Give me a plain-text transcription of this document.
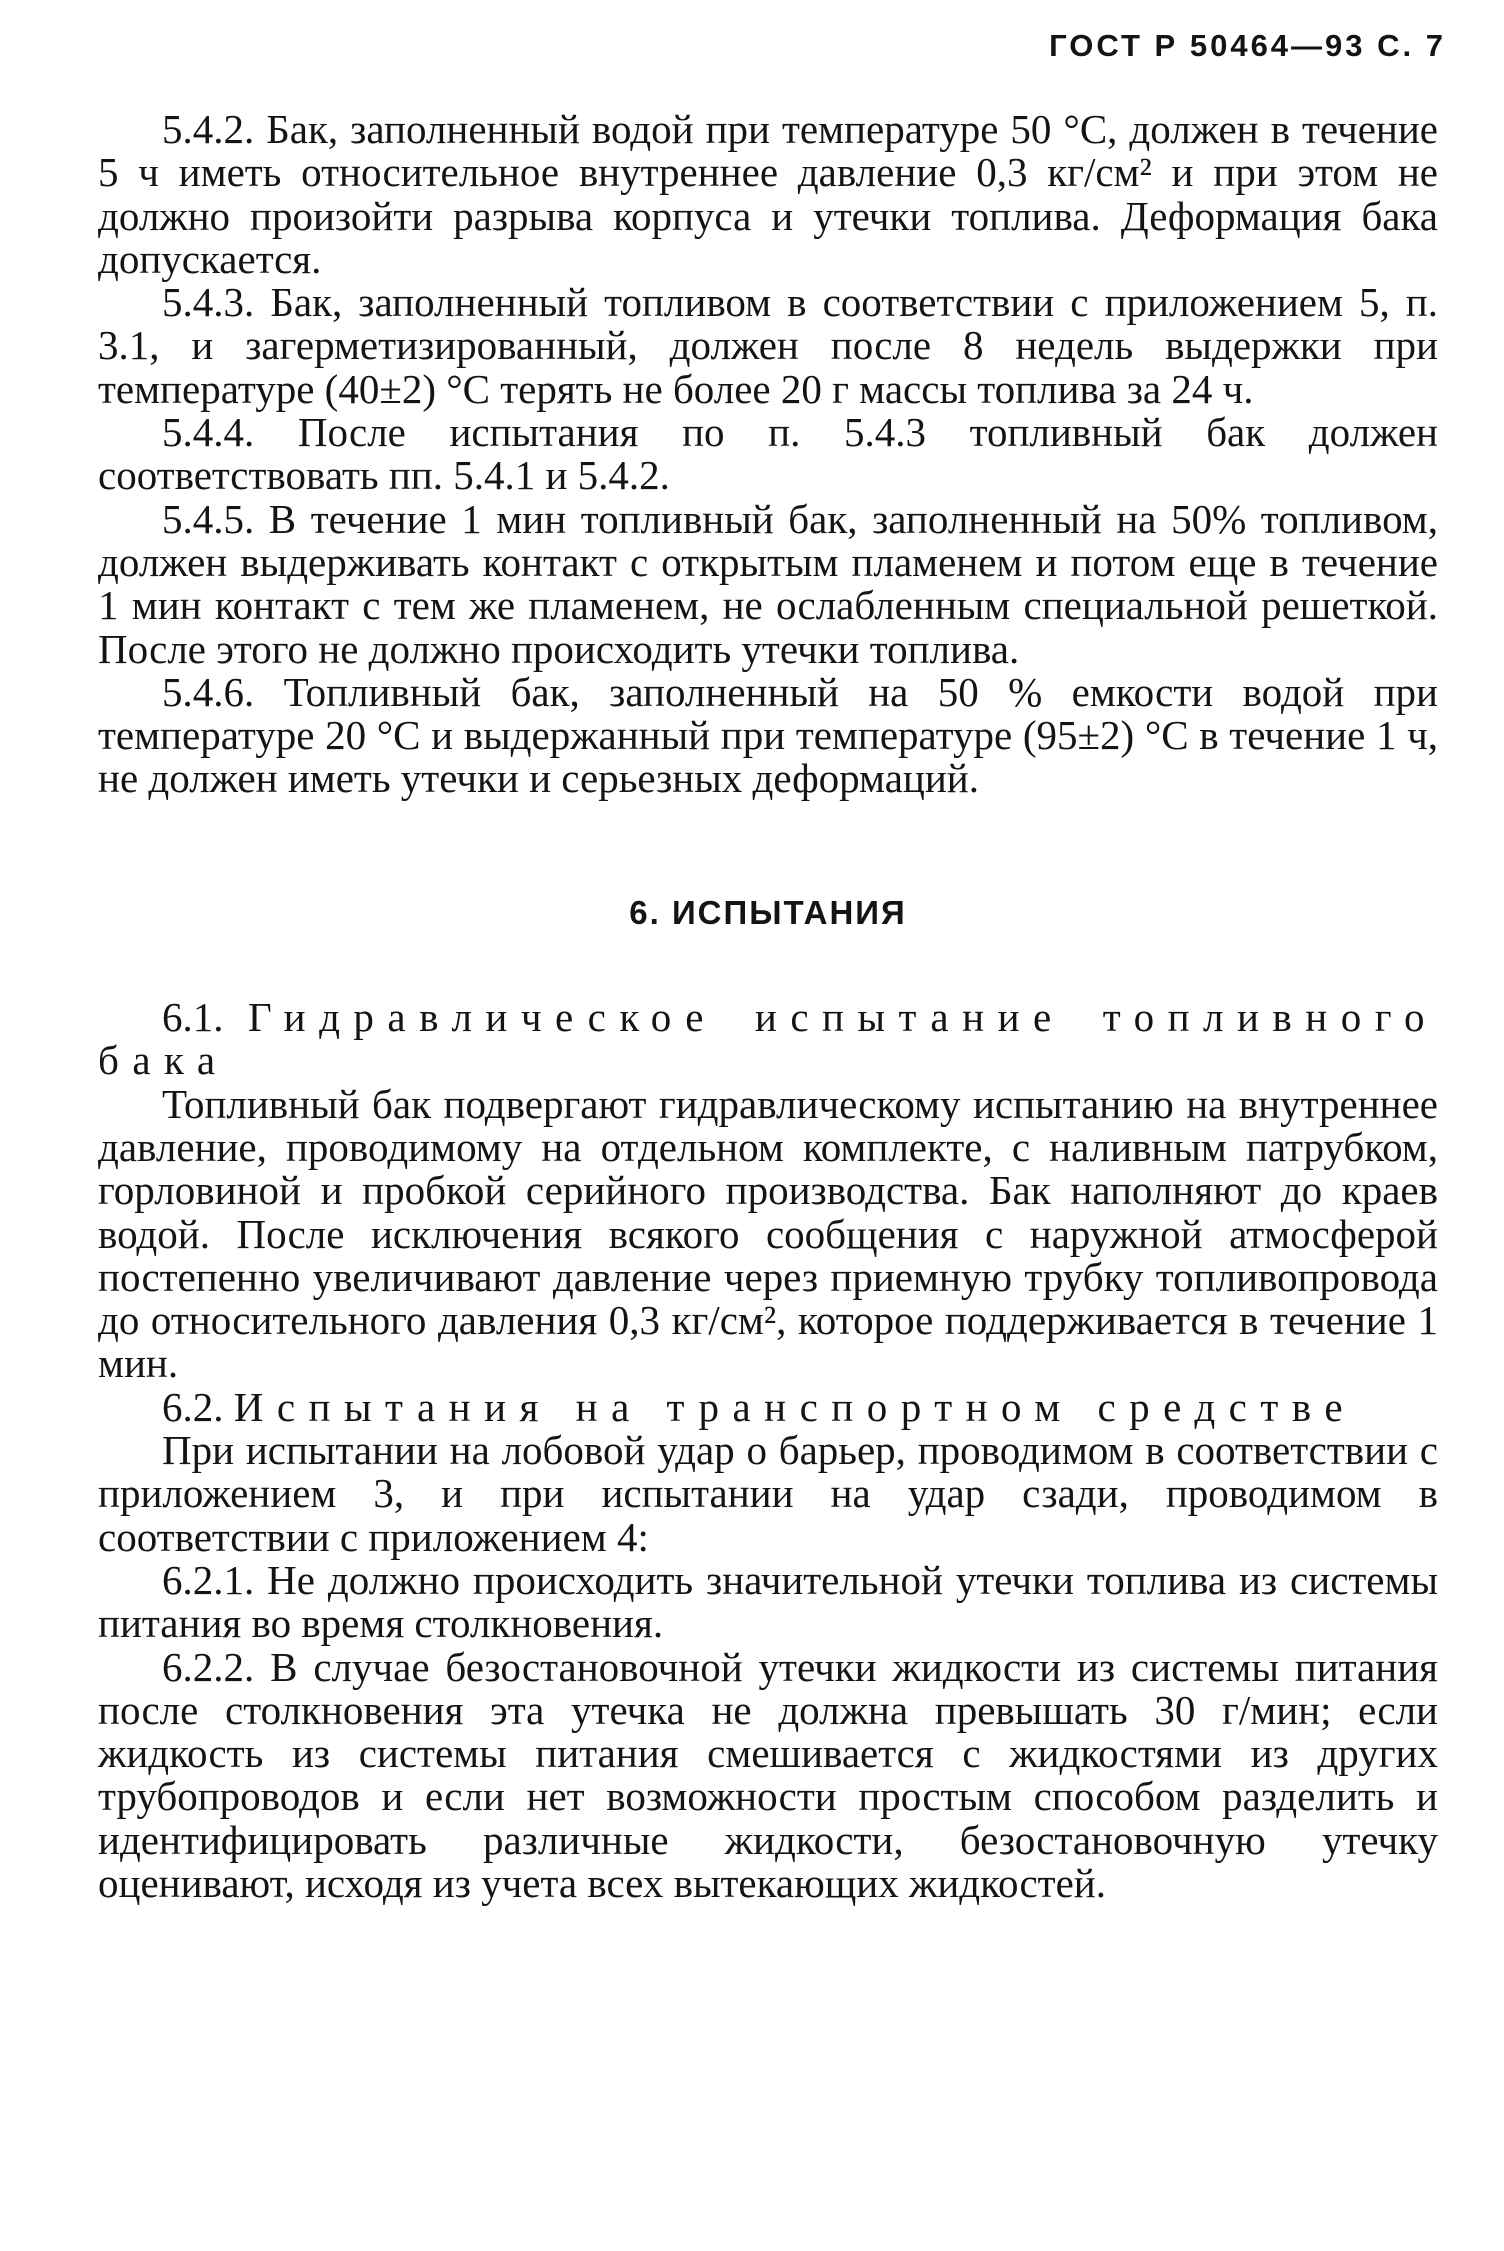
ГОСТ Р 50464—93 С. 7

5.4.2. Бак, заполненный водой при температуре 50 °С, должен в течение 5 ч иметь относительное внутреннее давление 0,3 кг/см² и при этом не должно произойти разрыва корпуса и утечки топлива. Деформация бака допускается.

5.4.3. Бак, заполненный топливом в соответствии с приложением 5, п. 3.1, и загерметизированный, должен после 8 недель выдержки при температуре (40±2) °С терять не более 20 г массы топлива за 24 ч.

5.4.4. После испытания по п. 5.4.3 топливный бак должен соответствовать пп. 5.4.1 и 5.4.2.

5.4.5. В течение 1 мин топливный бак, заполненный на 50% топливом, должен выдерживать контакт с открытым пламенем и потом еще в течение 1 мин контакт с тем же пламенем, не ослабленным специальной решеткой. После этого не должно происходить утечки топлива.

5.4.6. Топливный бак, заполненный на 50 % емкости водой при температуре 20 °С и выдержанный при температуре (95±2) °С в течение 1 ч, не должен иметь утечки и серьезных деформаций.

6. ИСПЫТАНИЯ

6.1. Гидравлическое испытание топливного бака

Топливный бак подвергают гидравлическому испытанию на внутреннее давление, проводимому на отдельном комплекте, с наливным патрубком, горловиной и пробкой серийного производства. Бак наполняют до краев водой. После исключения всякого сообщения с наружной атмосферой постепенно увеличивают давление через приемную трубку топливопровода до относительного давления 0,3 кг/см², которое поддерживается в течение 1 мин.

6.2. Испытания на транспортном средстве

При испытании на лобовой удар о барьер, проводимом в соответствии с приложением 3, и при испытании на удар сзади, проводимом в соответствии с приложением 4:

6.2.1. Не должно происходить значительной утечки топлива из системы питания во время столкновения.

6.2.2. В случае безостановочной утечки жидкости из системы питания после столкновения эта утечка не должна превышать 30 г/мин; если жидкость из системы питания смешивается с жидкостями из других трубопроводов и если нет возможности простым способом разделить и идентифицировать различные жидкости, безостановочную утечку оценивают, исходя из учета всех вытекающих жидкостей.
